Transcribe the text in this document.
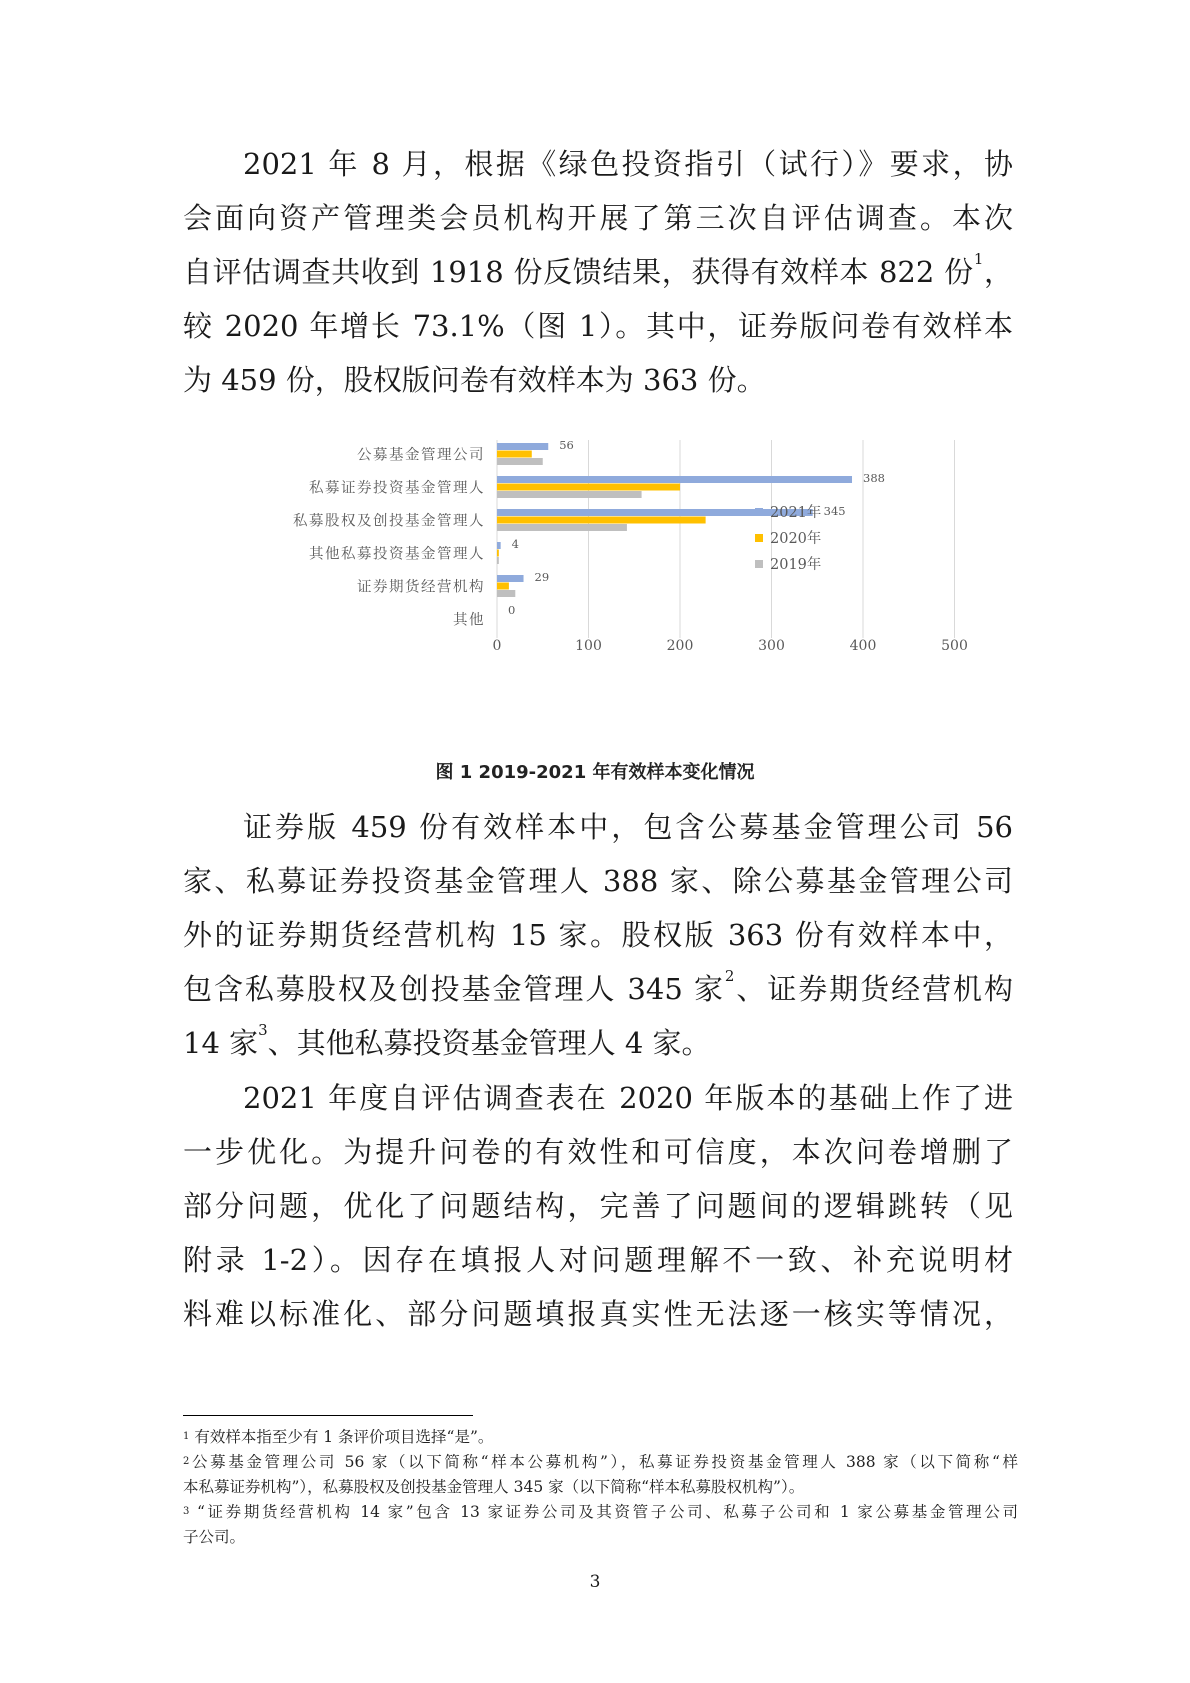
2021 年 8 月，根据《绿色投资指引（试行）》要求，协
会面向资产管理类会员机构开展了第三次自评估调查。本次
自评估调查共收到 1918 份反馈结果，获得有效样本 822 份$^1$，
较 2020 年增长 73.1%（图 1）。其中，证券版问卷有效样本
为 459 份，股权版问卷有效样本为 363 份。
公募基金管理公司
私募证券投资基金管理人
私募股权及创投基金管理人
其他私募投资基金管理人
证券期货经营机构
其他
56
388
345
4
29
0
0	100	200	300	400	500
2021年
2020年
2019年
图 1 2019-2021 年有效样本变化情况
证券版 459 份有效样本中，包含公募基金管理公司 56
家、私募证券投资基金管理人 388 家、除公募基金管理公司
外的证券期货经营机构 15 家。股权版 363 份有效样本中，
包含私募股权及创投基金管理人 345 家$^2$、证券期货经营机构
14 家$^3$、其他私募投资基金管理人 4 家。
2021 年度自评估调查表在 2020 年版本的基础上作了进
一步优化。为提升问卷的有效性和可信度，本次问卷增删了
部分问题，优化了问题结构，完善了问题间的逻辑跳转（见
附录 1-2）。因存在填报人对问题理解不一致、补充说明材
料难以标准化、部分问题填报真实性无法逐一核实等情况，
$^1$ 有效样本指至少有 1 条评价项目选择“是”。
$^2$公募基金管理公司 56 家（以下简称“样本公募机构”），私募证券投资基金管理人 388 家（以下简称“样
本私募证券机构”），私募股权及创投基金管理人 345 家（以下简称“样本私募股权机构”）。
$^3$ “证券期货经营机构 14 家”包含 13 家证券公司及其资管子公司、私募子公司和 1 家公募基金管理公司
子公司。
3
